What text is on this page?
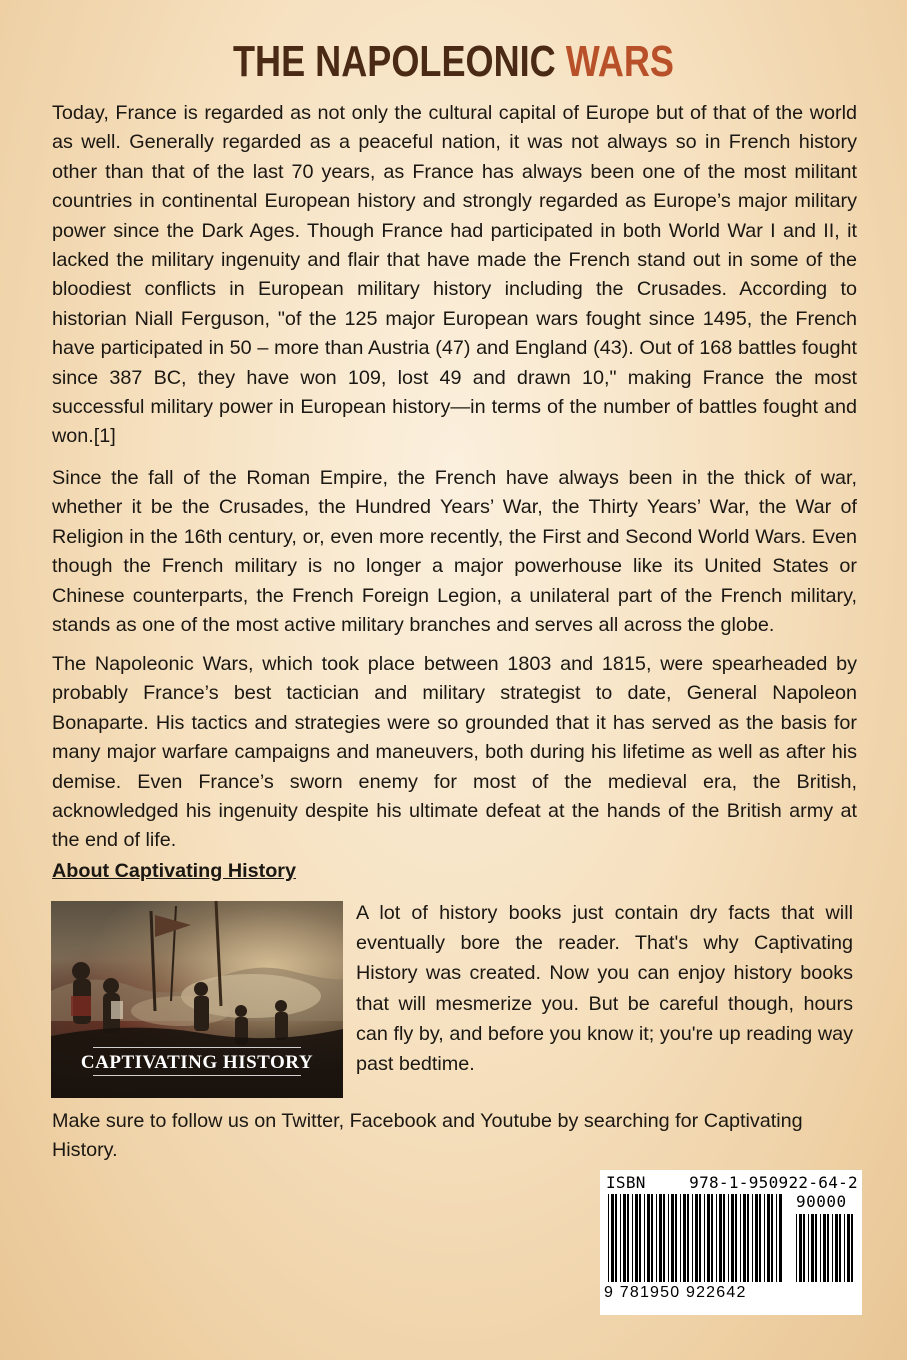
THE NAPOLEONIC WARS

Today, France is regarded as not only the cultural capital of Europe but of that of the world as well. Generally regarded as a peaceful nation, it was not always so in French history other than that of the last 70 years, as France has always been one of the most militant countries in continental European history and strongly regarded as Europe’s major military power since the Dark Ages. Though France had participated in both World War I and II, it lacked the military ingenuity and flair that have made the French stand out in some of the bloodiest conflicts in European military history including the Crusades. According to historian Niall Ferguson, "of the 125 major European wars fought since 1495, the French have participated in 50 – more than Austria (47) and England (43). Out of 168 battles fought since 387 BC, they have won 109, lost 49 and drawn 10," making France the most successful military power in European history—in terms of the number of battles fought and won.[1]

Since the fall of the Roman Empire, the French have always been in the thick of war, whether it be the Crusades, the Hundred Years’ War, the Thirty Years’ War, the War of Religion in the 16th century, or, even more recently, the First and Second World Wars. Even though the French military is no longer a major powerhouse like its United States or Chinese counterparts, the French Foreign Legion, a unilateral part of the French military, stands as one of the most active military branches and serves all across the globe.

The Napoleonic Wars, which took place between 1803 and 1815, were spearheaded by probably France’s best tactician and military strategist to date, General Napoleon Bonaparte. His tactics and strategies were so grounded that it has served as the basis for many major warfare campaigns and maneuvers, both during his lifetime as well as after his demise. Even France’s sworn enemy for most of the medieval era, the British, acknowledged his ingenuity despite his ultimate defeat at the hands of the British army at the end of life.

About Captivating History
CAPTIVATING HISTORY

A lot of history books just contain dry facts that will eventually bore the reader. That's why Captivating History was created. Now you can enjoy history books that will mesmerize you. But be careful though, hours can fly by, and before you know it; you're up reading way past bedtime.

Make sure to follow us on Twitter, Facebook and Youtube by searching for Captivating History.

ISBN 978-1-950922-64-2
90000
9 781950 922642
